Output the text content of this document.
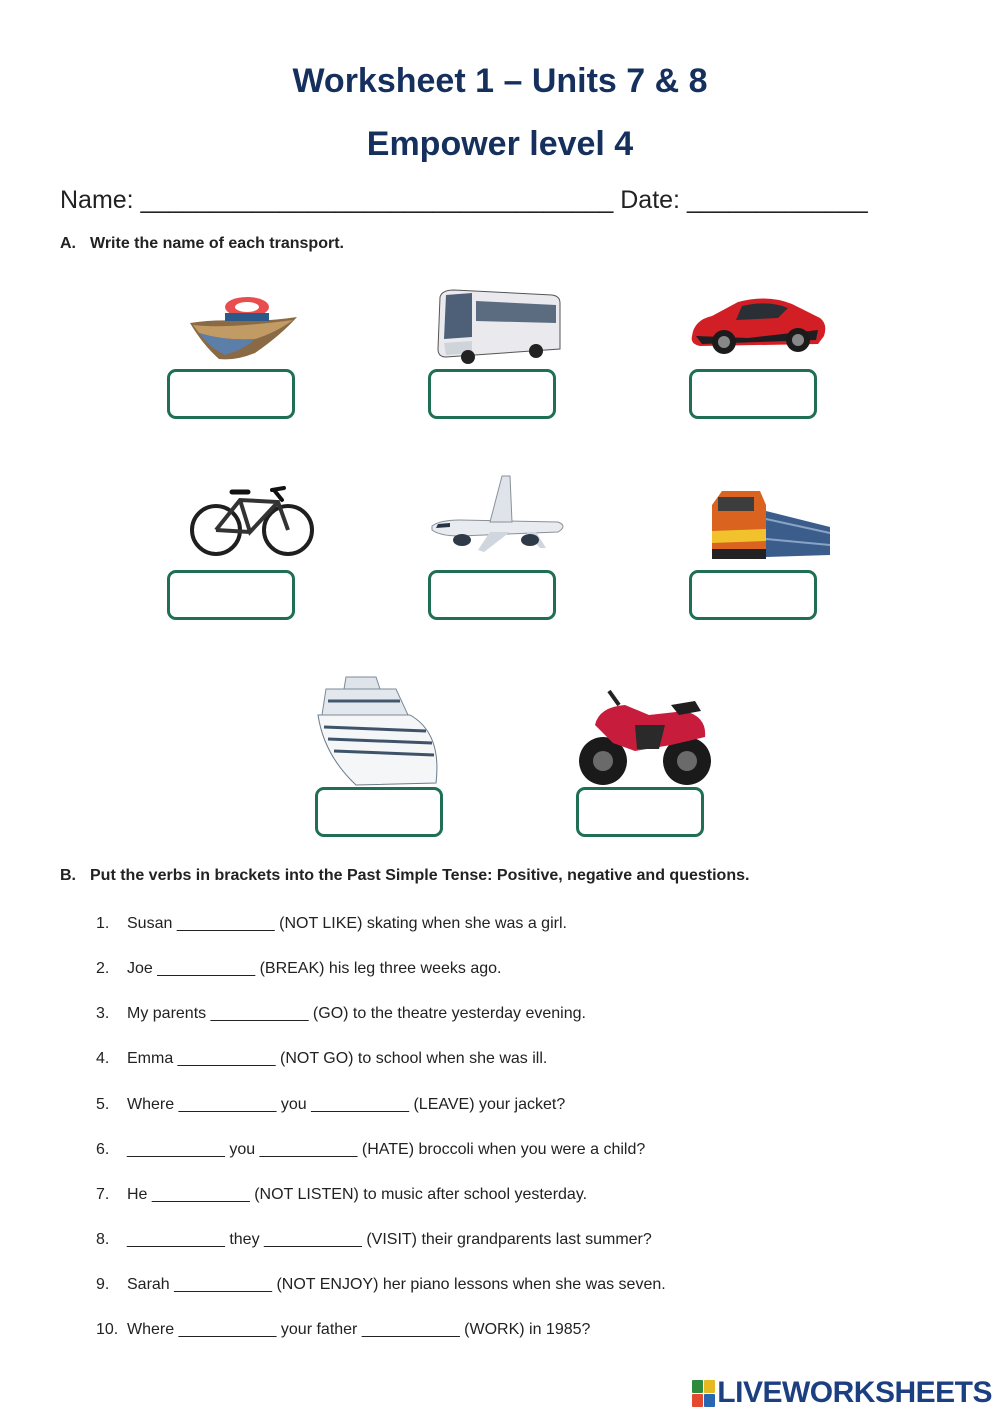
Worksheet 1 – Units 7 & 8
Empower level 4
Name: __________________________________ Date: _____________
A. Write the name of each transport.
B. Put the verbs in brackets into the Past Simple Tense: Positive, negative and questions.
1. Susan ___________ (NOT LIKE) skating when she was a girl.
2. Joe ___________ (BREAK) his leg three weeks ago.
3. My parents ___________ (GO) to the theatre yesterday evening.
4. Emma ___________ (NOT GO) to school when she was ill.
5. Where ___________ you ___________ (LEAVE) your jacket?
6. ___________ you ___________ (HATE) broccoli when you were a child?
7. He ___________ (NOT LISTEN) to music after school yesterday.
8. ___________ they ___________ (VISIT) their grandparents last summer?
9. Sarah ___________ (NOT ENJOY) her piano lessons when she was seven.
10. Where ___________ your father ___________ (WORK) in 1985?
LIVEWORKSHEETS
